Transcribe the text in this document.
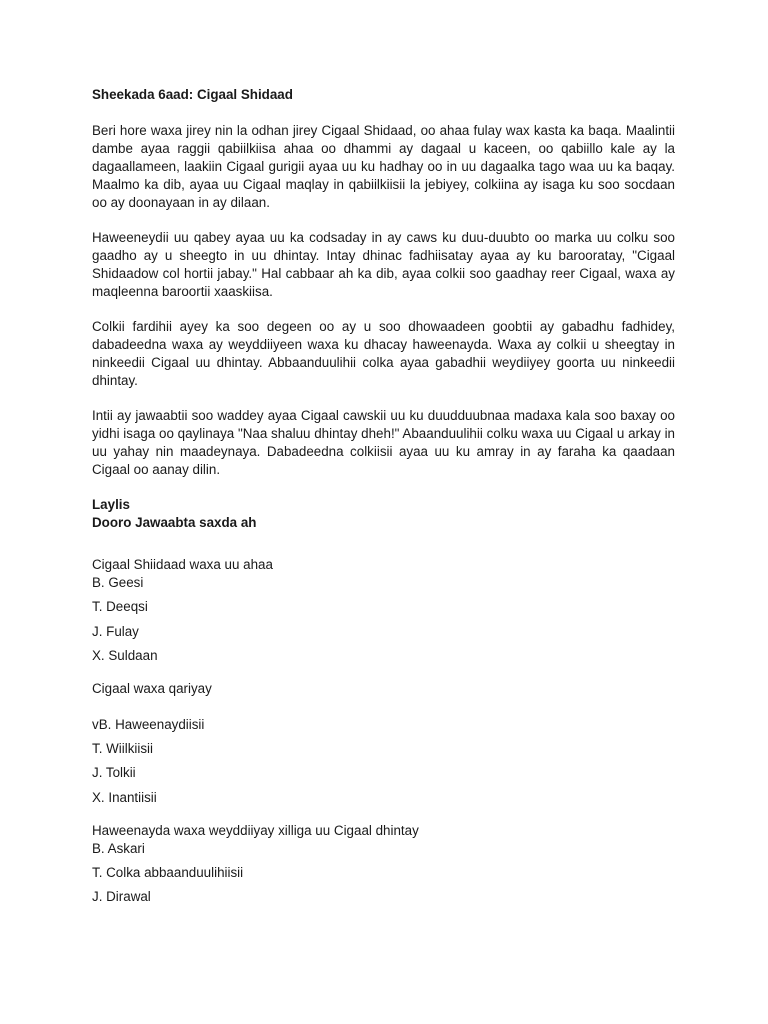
Sheekada 6aad: Cigaal Shidaad

Beri hore waxa jirey nin la odhan jirey Cigaal Shidaad, oo ahaa fulay wax kasta ka baqa. Maalintii dambe ayaa raggii qabiilkiisa ahaa oo dhammi ay dagaal u kaceen, oo qabiillo kale ay la dagaallameen, laakiin Cigaal gurigii ayaa uu ku hadhay oo in uu dagaalka tago waa uu ka baqay. Maalmo ka dib, ayaa uu Cigaal maqlay in qabiilkiisii la jebiyey, colkiina ay isaga ku soo socdaan oo ay doonayaan in ay dilaan.

Haweeneydii uu qabey ayaa uu ka codsaday in ay caws ku duu-duubto oo marka uu colku soo gaadho ay u sheegto in uu dhintay. Intay dhinac fadhiisatay ayaa ay ku barooratay, "Cigaal Shidaadow col hortii jabay." Hal cabbaar ah ka dib, ayaa colkii soo gaadhay reer Cigaal, waxa ay maqleenna baroortii xaaskiisa.

Colkii fardihii ayey ka soo degeen oo ay u soo dhowaadeen goobtii ay gabadhu fadhidey, dabadeedna waxa ay weyddiiyeen waxa ku dhacay haweenayda. Waxa ay colkii u sheegtay in ninkeedii Cigaal uu dhintay. Abbaanduulihii colka ayaa gabadhii weydiiyey goorta uu ninkeedii dhintay.

Intii ay jawaabtii soo waddey ayaa Cigaal cawskii uu ku duudduubnaa madaxa kala soo baxay oo yidhi isaga oo qaylinaya "Naa shaluu dhintay dheh!" Abaanduulihii colku waxa uu Cigaal u arkay in uu yahay nin maadeynaya. Dabadeedna colkiisii ayaa uu ku amray in ay faraha ka qaadaan Cigaal oo aanay dilin.

Laylis

Dooro Jawaabta saxda ah

Cigaal Shiidaad waxa uu ahaa

B. Geesi
T. Deeqsi
J. Fulay
X. Suldaan

Cigaal waxa qariyay

vB. Haweenaydiisii
T. Wiilkiisii
J. Tolkii
X. Inantiisii

Haweenayda waxa weyddiiyay xilliga uu Cigaal dhintay

B. Askari
T. Colka abbaanduulihiisii
J. Dirawal
